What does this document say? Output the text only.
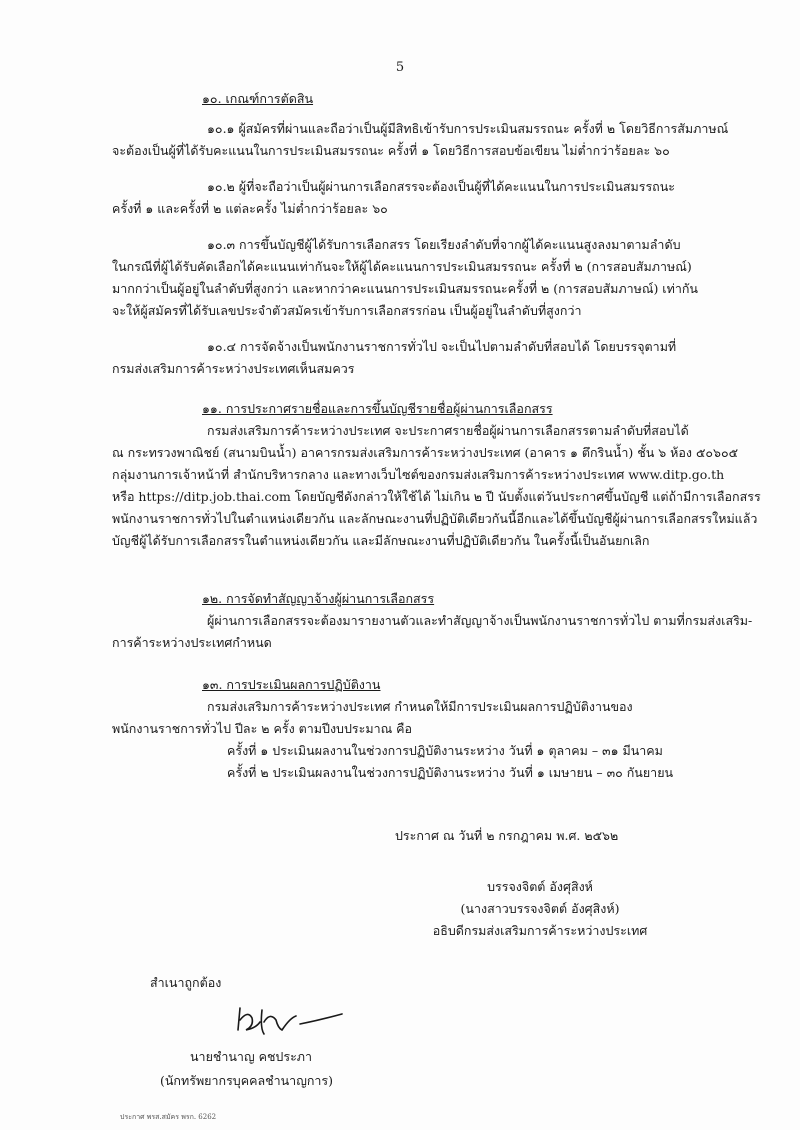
5
๑๐. เกณฑ์การตัดสิน
๑๐.๑ ผู้สมัครที่ผ่านและถือว่าเป็นผู้มีสิทธิเข้ารับการประเมินสมรรถนะ ครั้งที่ ๒ โดยวิธีการสัมภาษณ์
จะต้องเป็นผู้ที่ได้รับคะแนนในการประเมินสมรรถนะ ครั้งที่ ๑ โดยวิธีการสอบข้อเขียน ไม่ต่ำกว่าร้อยละ ๖๐
๑๐.๒ ผู้ที่จะถือว่าเป็นผู้ผ่านการเลือกสรรจะต้องเป็นผู้ที่ได้คะแนนในการประเมินสมรรถนะ
ครั้งที่ ๑ และครั้งที่ ๒ แต่ละครั้ง ไม่ต่ำกว่าร้อยละ ๖๐
๑๐.๓ การขึ้นบัญชีผู้ได้รับการเลือกสรร โดยเรียงลำดับที่จากผู้ได้คะแนนสูงลงมาตามลำดับ
ในกรณีที่ผู้ได้รับคัดเลือกได้คะแนนเท่ากันจะให้ผู้ได้คะแนนการประเมินสมรรถนะ ครั้งที่ ๒ (การสอบสัมภาษณ์)
มากกว่าเป็นผู้อยู่ในลำดับที่สูงกว่า และหากว่าคะแนนการประเมินสมรรถนะครั้งที่ ๒ (การสอบสัมภาษณ์) เท่ากัน
จะให้ผู้สมัครที่ได้รับเลขประจำตัวสมัครเข้ารับการเลือกสรรก่อน เป็นผู้อยู่ในลำดับที่สูงกว่า
๑๐.๔ การจัดจ้างเป็นพนักงานราชการทั่วไป จะเป็นไปตามลำดับที่สอบได้ โดยบรรจุตามที่
กรมส่งเสริมการค้าระหว่างประเทศเห็นสมควร
๑๑. การประกาศรายชื่อและการขึ้นบัญชีรายชื่อผู้ผ่านการเลือกสรร
กรมส่งเสริมการค้าระหว่างประเทศ จะประกาศรายชื่อผู้ผ่านการเลือกสรรตามลำดับที่สอบได้
ณ กระทรวงพาณิชย์ (สนามบินน้ำ) อาคารกรมส่งเสริมการค้าระหว่างประเทศ (อาคาร ๑ ตึกรินน้ำ) ชั้น ๖ ห้อง ๕๐๖๐๕
กลุ่มงานการเจ้าหน้าที่ สำนักบริหารกลาง และทางเว็บไซต์ของกรมส่งเสริมการค้าระหว่างประเทศ www.ditp.go.th
หรือ https://ditp.job.thai.com โดยบัญชีดังกล่าวให้ใช้ได้ ไม่เกิน ๒ ปี นับตั้งแต่วันประกาศขึ้นบัญชี แต่ถ้ามีการเลือกสรร
พนักงานราชการทั่วไปในตำแหน่งเดียวกัน และลักษณะงานที่ปฏิบัติเดียวกันนี้อีกและได้ขึ้นบัญชีผู้ผ่านการเลือกสรรใหม่แล้ว
บัญชีผู้ได้รับการเลือกสรรในตำแหน่งเดียวกัน และมีลักษณะงานที่ปฏิบัติเดียวกัน ในครั้งนี้เป็นอันยกเลิก
๑๒. การจัดทำสัญญาจ้างผู้ผ่านการเลือกสรร
ผู้ผ่านการเลือกสรรจะต้องมารายงานตัวและทำสัญญาจ้างเป็นพนักงานราชการทั่วไป ตามที่กรมส่งเสริม-
การค้าระหว่างประเทศกำหนด
๑๓. การประเมินผลการปฏิบัติงาน
กรมส่งเสริมการค้าระหว่างประเทศ กำหนดให้มีการประเมินผลการปฏิบัติงานของ
พนักงานราชการทั่วไป ปีละ ๒ ครั้ง ตามปีงบประมาณ คือ
ครั้งที่ ๑ ประเมินผลงานในช่วงการปฏิบัติงานระหว่าง วันที่ ๑ ตุลาคม – ๓๑ มีนาคม
ครั้งที่ ๒ ประเมินผลงานในช่วงการปฏิบัติงานระหว่าง วันที่ ๑ เมษายน – ๓๐ กันยายน
ประกาศ ณ วันที่ ๒ กรกฎาคม พ.ศ. ๒๕๖๒
บรรจงจิตต์ อังศุสิงห์
(นางสาวบรรจงจิตต์ อังศุสิงห์)
อธิบดีกรมส่งเสริมการค้าระหว่างประเทศ
สำเนาถูกต้อง
นายชำนาญ คชประภา
(นักทรัพยากรบุคคลชำนาญการ)
ประกาศ พรส.สมัคร พรก. 6262
